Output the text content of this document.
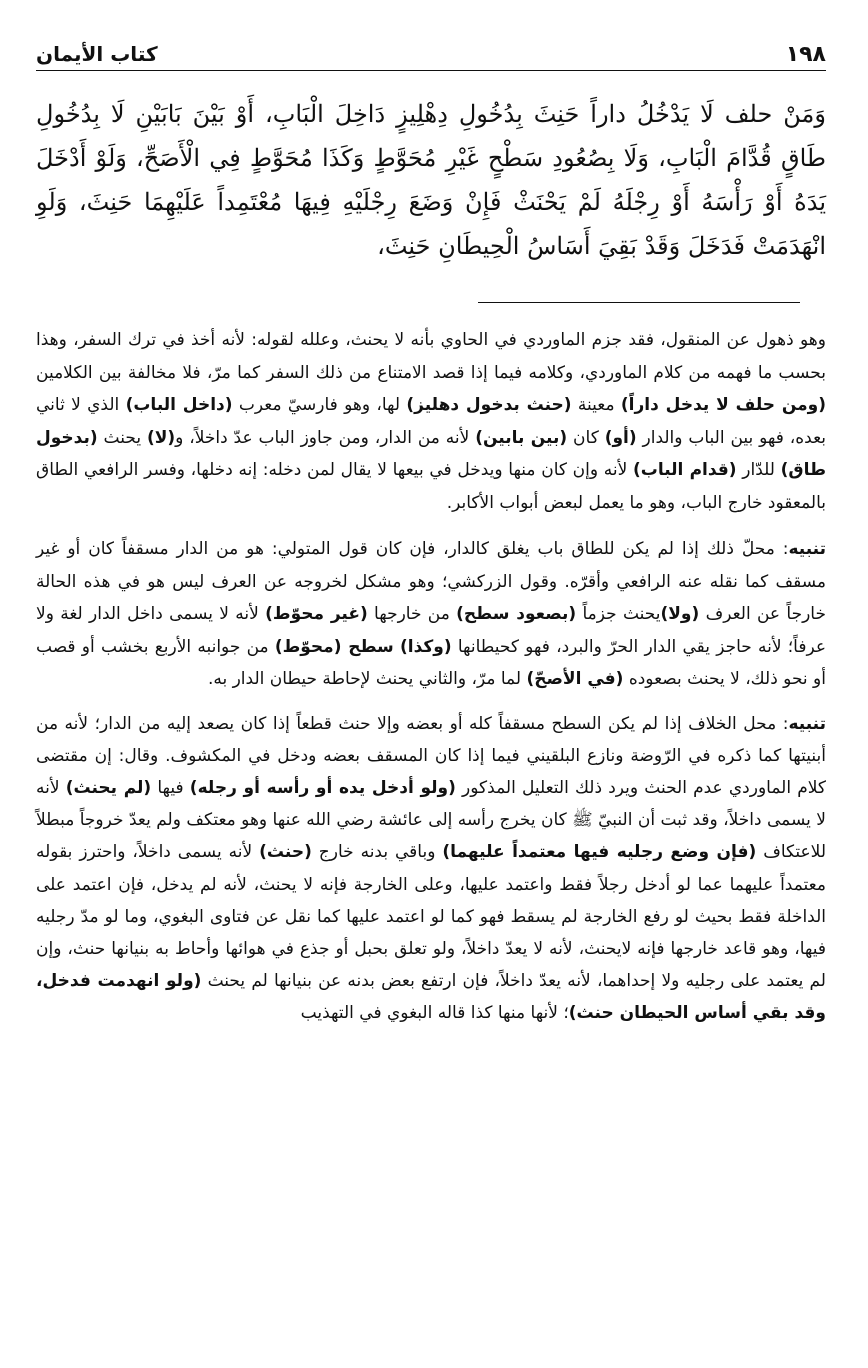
كتاب الأيمان	١٩٨
وَمَنْ حلف لَا يَدْخُلُ داراً حَنِثَ بِدُخُولِ دِهْلِيزٍ دَاخِلَ الْبَابِ، أَوْ بَيْنَ بَابَيْنِ لَا بِدُخُولِ طَاقٍ قُدَّامَ الْبَابِ، وَلَا بِصُعُودِ سَطْحٍ غَيْرِ مُحَوَّطٍ وَكَذَا مُحَوَّطٍ فِي الْأَصَحِّ، وَلَوْ أَدْخَلَ يَدَهُ أَوْ رَأْسَهُ أَوْ رِجْلَهُ لَمْ يَحْنَثْ فَإِنْ وَضَعَ رِجْلَيْهِ فِيهَا مُعْتَمِداً عَلَيْهِمَا حَنِثَ، وَلَوِ انْهَدَمَتْ فَدَخَلَ وَقَدْ بَقِيَ أَسَاسُ الْحِيطَانِ حَنِثَ،

وهو ذهول عن المنقول، فقد جزم الماوردي في الحاوي بأنه لا يحنث، وعلله لقوله: لأنه أخذ في ترك السفر، وهذا بحسب ما فهمه من كلام الماوردي، وكلامه فيما إذا قصد الامتناع من ذلك السفر كما مرّ، فلا مخالفة بين الكلامين (ومن حلف لا يدخل داراً) معينة (حنث بدخول دهليز) لها، وهو فارسيّ معرب (داخل الباب) الذي لا ثاني بعده، فهو بين الباب والدار (أو) كان (بين بابين) لأنه من الدار، ومن جاوز الباب عدّ داخلاً، و(لا) يحنث (بدخول طاق) للدّار (قدام الباب) لأنه وإن كان منها ويدخل في بيعها لا يقال لمن دخله: إنه دخلها، وفسر الرافعي الطاق بالمعقود خارج الباب، وهو ما يعمل لبعض أبواب الأكابر.

تنبيه: محلّ ذلك إذا لم يكن للطاق باب يغلق كالدار، فإن كان قول المتولي: هو من الدار مسقفاً كان أو غير مسقف كما نقله عنه الرافعي وأقرّه. وقول الزركشي؛ وهو مشكل لخروجه عن العرف ليس هو في هذه الحالة خارجاً عن العرف (ولا)يحنث جزماً (بصعود سطح) من خارجها (غير محوّط) لأنه لا يسمى داخل الدار لغة ولا عرفاً؛ لأنه حاجز يقي الدار الحرّ والبرد، فهو كحيطانها (وكذا) سطح (محوّط) من جوانبه الأربع بخشب أو قصب أو نحو ذلك، لا يحنث بصعوده (في الأصحّ) لما مرّ، والثاني يحنث لإحاطة حيطان الدار به.

تنبيه: محل الخلاف إذا لم يكن السطح مسقفاً كله أو بعضه وإلا حنث قطعاً إذا كان يصعد إليه من الدار؛ لأنه من أبنيتها كما ذكره في الرّوضة ونازع البلقيني فيما إذا كان المسقف بعضه ودخل في المكشوف. وقال: إن مقتضى كلام الماوردي عدم الحنث ويرد ذلك التعليل المذكور (ولو أدخل يده أو رأسه أو رجله) فيها (لم يحنث) لأنه لا يسمى داخلاً، وقد ثبت أن النبيّ ﷺ كان يخرج رأسه إلى عائشة رضي الله عنها وهو معتكف ولم يعدّ خروجاً مبطلاً للاعتكاف (فإن وضع رجليه فيها معتمداً عليهما) وباقي بدنه خارج (حنث) لأنه يسمى داخلاً، واحترز بقوله معتمداً عليهما عما لو أدخل رجلاً فقط واعتمد عليها، وعلى الخارجة فإنه لا يحنث، لأنه لم يدخل، فإن اعتمد على الداخلة فقط بحيث لو رفع الخارجة لم يسقط فهو كما لو اعتمد عليها كما نقل عن فتاوى البغوي، وما لو مدّ رجليه فيها، وهو قاعد خارجها فإنه لايحنث، لأنه لا يعدّ داخلاً، ولو تعلق بحبل أو جذع في هوائها وأحاط به بنيانها حنث، وإن لم يعتمد على رجليه ولا إحداهما، لأنه يعدّ داخلاً، فإن ارتفع بعض بدنه عن بنيانها لم يحنث (ولو انهدمت فدخل، وقد بقي أساس الحيطان حنث)؛ لأنها منها كذا قاله البغوي في التهذيب
